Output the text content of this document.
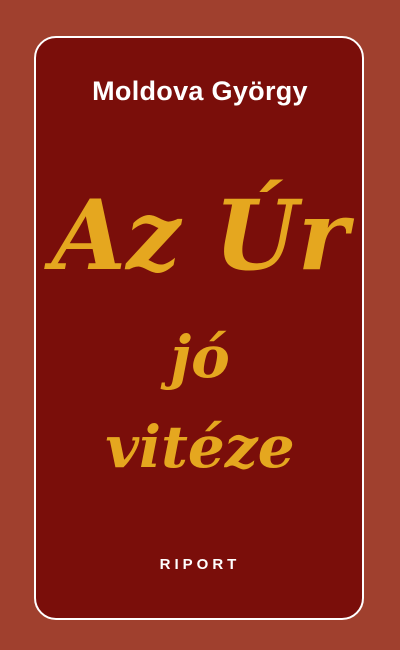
Moldova György
Az Úr
jó
vitéze
RIPORT
